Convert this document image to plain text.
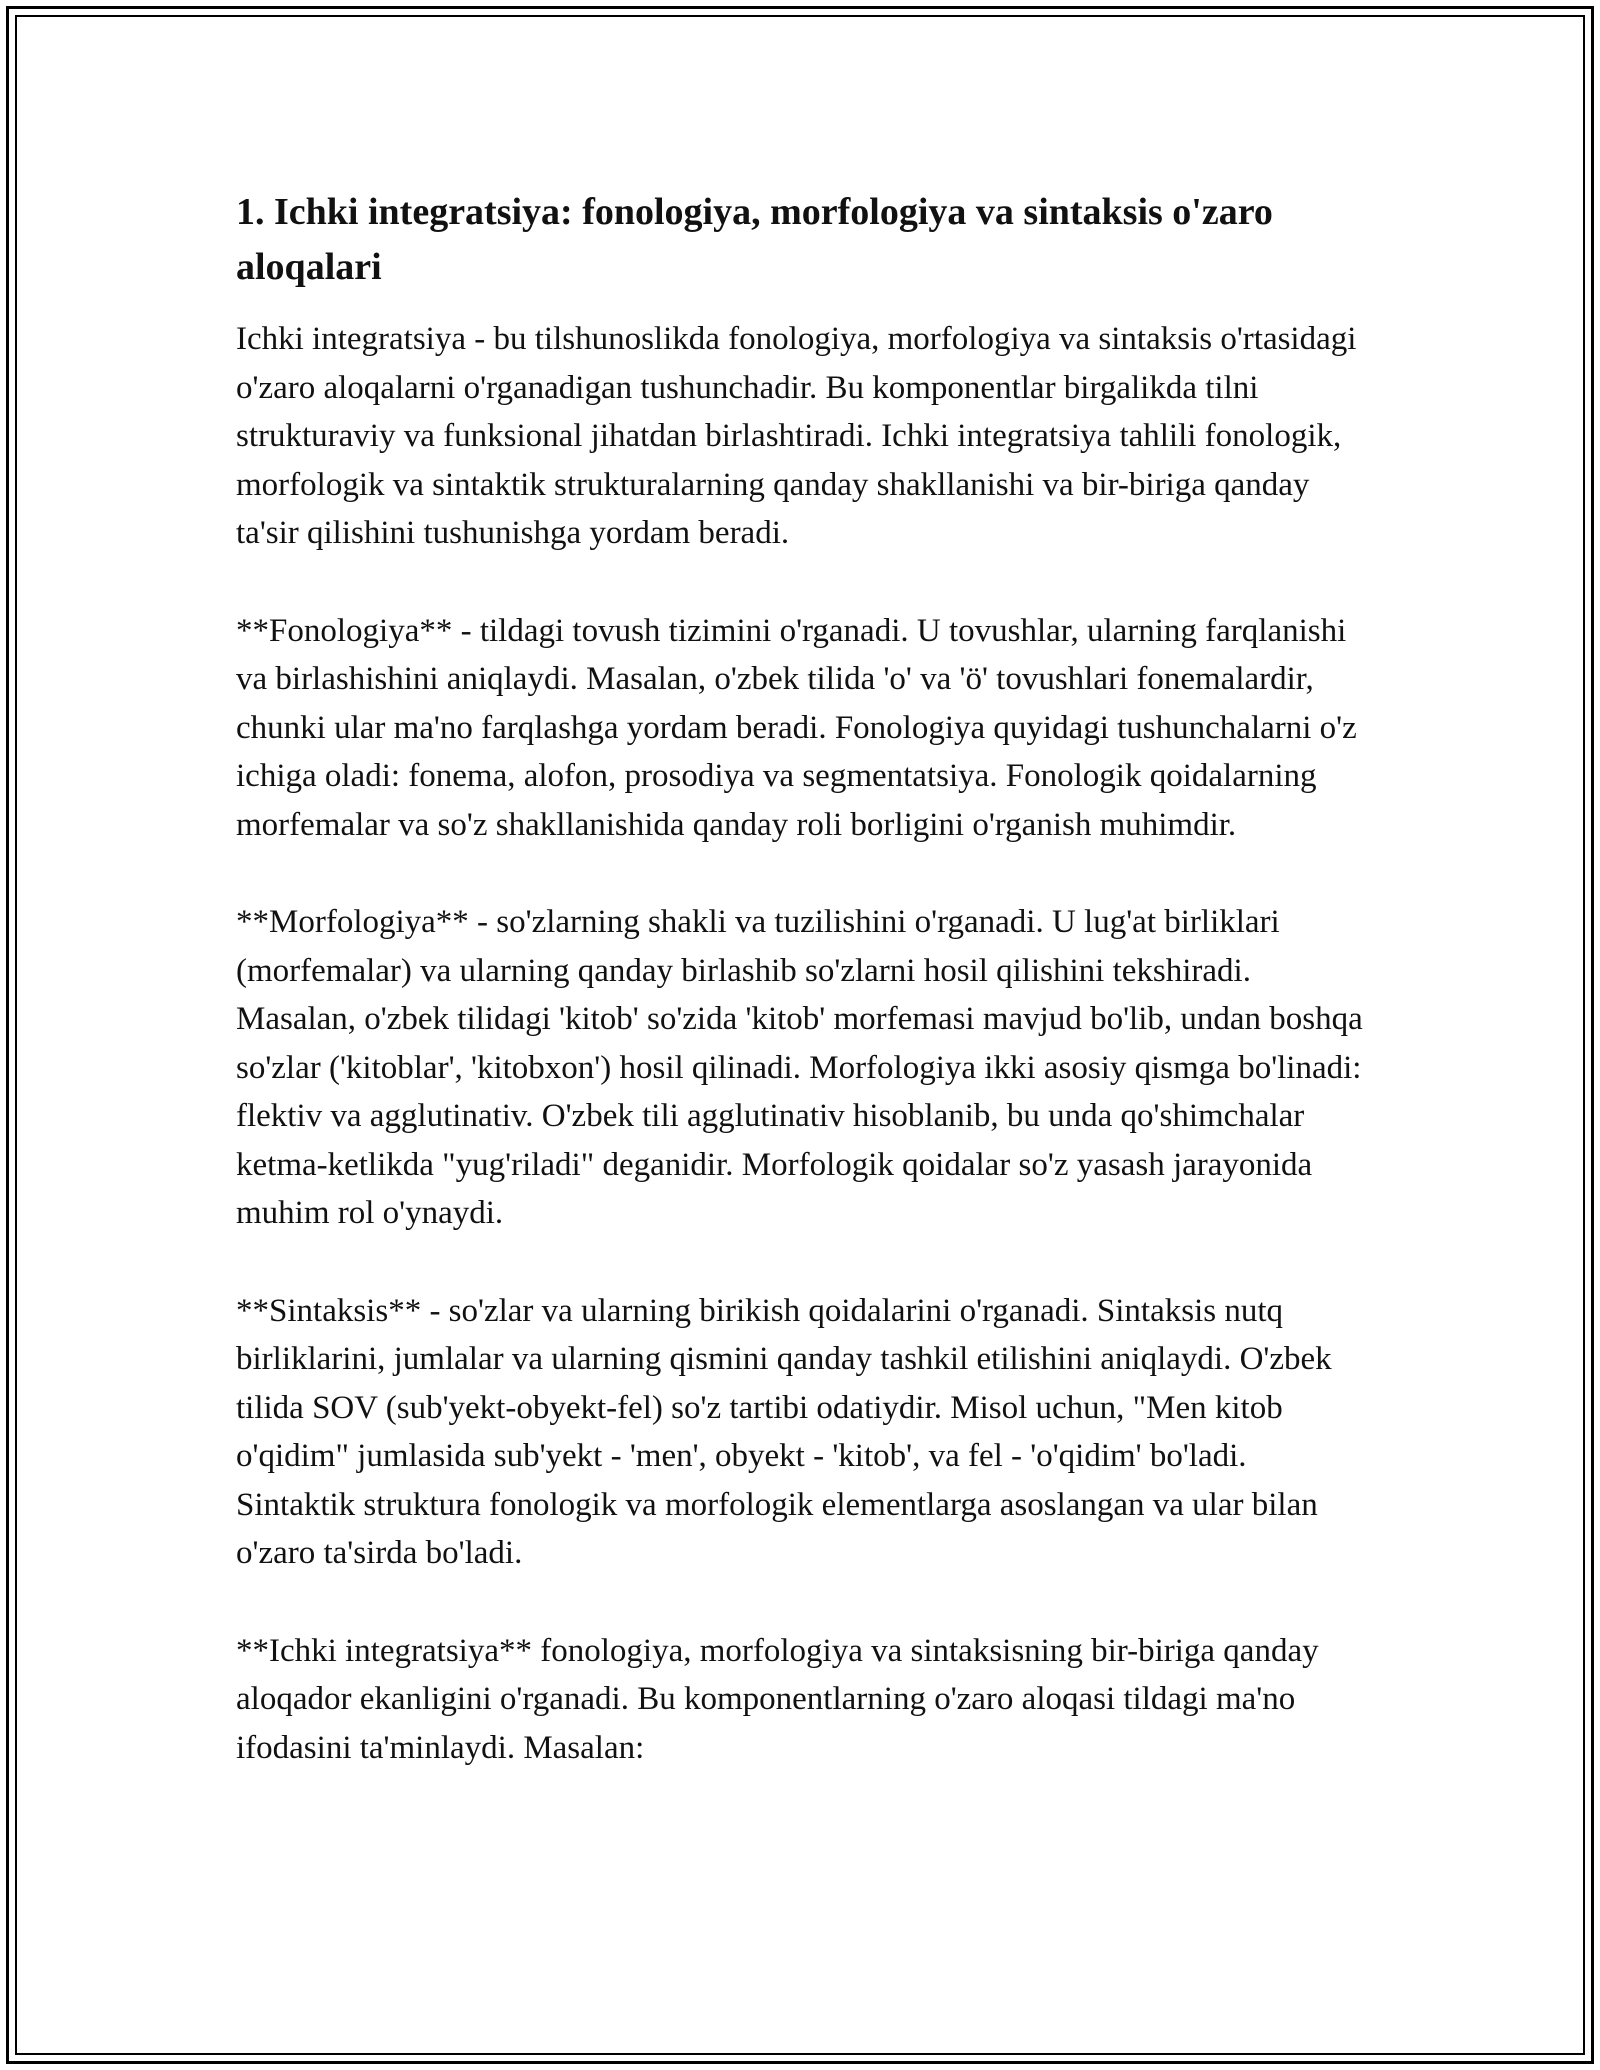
1. Ichki integratsiya: fonologiya, morfologiya va sintaksis o'zaro aloqalari

Ichki integratsiya - bu tilshunoslikda fonologiya, morfologiya va sintaksis o'rtasidagi o'zaro aloqalarni o'rganadigan tushunchadir. Bu komponentlar birgalikda tilni strukturaviy va funksional jihatdan birlashtiradi. Ichki integratsiya tahlili fonologik, morfologik va sintaktik strukturalarning qanday shakllanishi va bir-biriga qanday ta'sir qilishini tushunishga yordam beradi.

**Fonologiya** - tildagi tovush tizimini o'rganadi. U tovushlar, ularning farqlanishi va birlashishini aniqlaydi. Masalan, o'zbek tilida 'o' va 'ö' tovushlari fonemalardir, chunki ular ma'no farqlashga yordam beradi. Fonologiya quyidagi tushunchalarni o'z ichiga oladi: fonema, alofon, prosodiya va segmentatsiya. Fonologik qoidalarning morfemalar va so'z shakllanishida qanday roli borligini o'rganish muhimdir.

**Morfologiya** - so'zlarning shakli va tuzilishini o'rganadi. U lug'at birliklari (morfemalar) va ularning qanday birlashib so'zlarni hosil qilishini tekshiradi. Masalan, o'zbek tilidagi 'kitob' so'zida 'kitob' morfemasi mavjud bo'lib, undan boshqa so'zlar ('kitoblar', 'kitobxon') hosil qilinadi. Morfologiya ikki asosiy qismga bo'linadi: flektiv va agglutinativ. O'zbek tili agglutinativ hisoblanib, bu unda qo'shimchalar ketma-ketlikda "yug'riladi" deganidir. Morfologik qoidalar so'z yasash jarayonida muhim rol o'ynaydi.

**Sintaksis** - so'zlar va ularning birikish qoidalarini o'rganadi. Sintaksis nutq birliklarini, jumlalar va ularning qismini qanday tashkil etilishini aniqlaydi. O'zbek tilida SOV (sub'yekt-obyekt-fel) so'z tartibi odatiydir. Misol uchun, "Men kitob o'qidim" jumlasida sub'yekt - 'men', obyekt - 'kitob', va fel - 'o'qidim' bo'ladi. Sintaktik struktura fonologik va morfologik elementlarga asoslangan va ular bilan o'zaro ta'sirda bo'ladi.

**Ichki integratsiya** fonologiya, morfologiya va sintaksisning bir-biriga qanday aloqador ekanligini o'rganadi. Bu komponentlarning o'zaro aloqasi tildagi ma'no ifodasini ta'minlaydi. Masalan:
